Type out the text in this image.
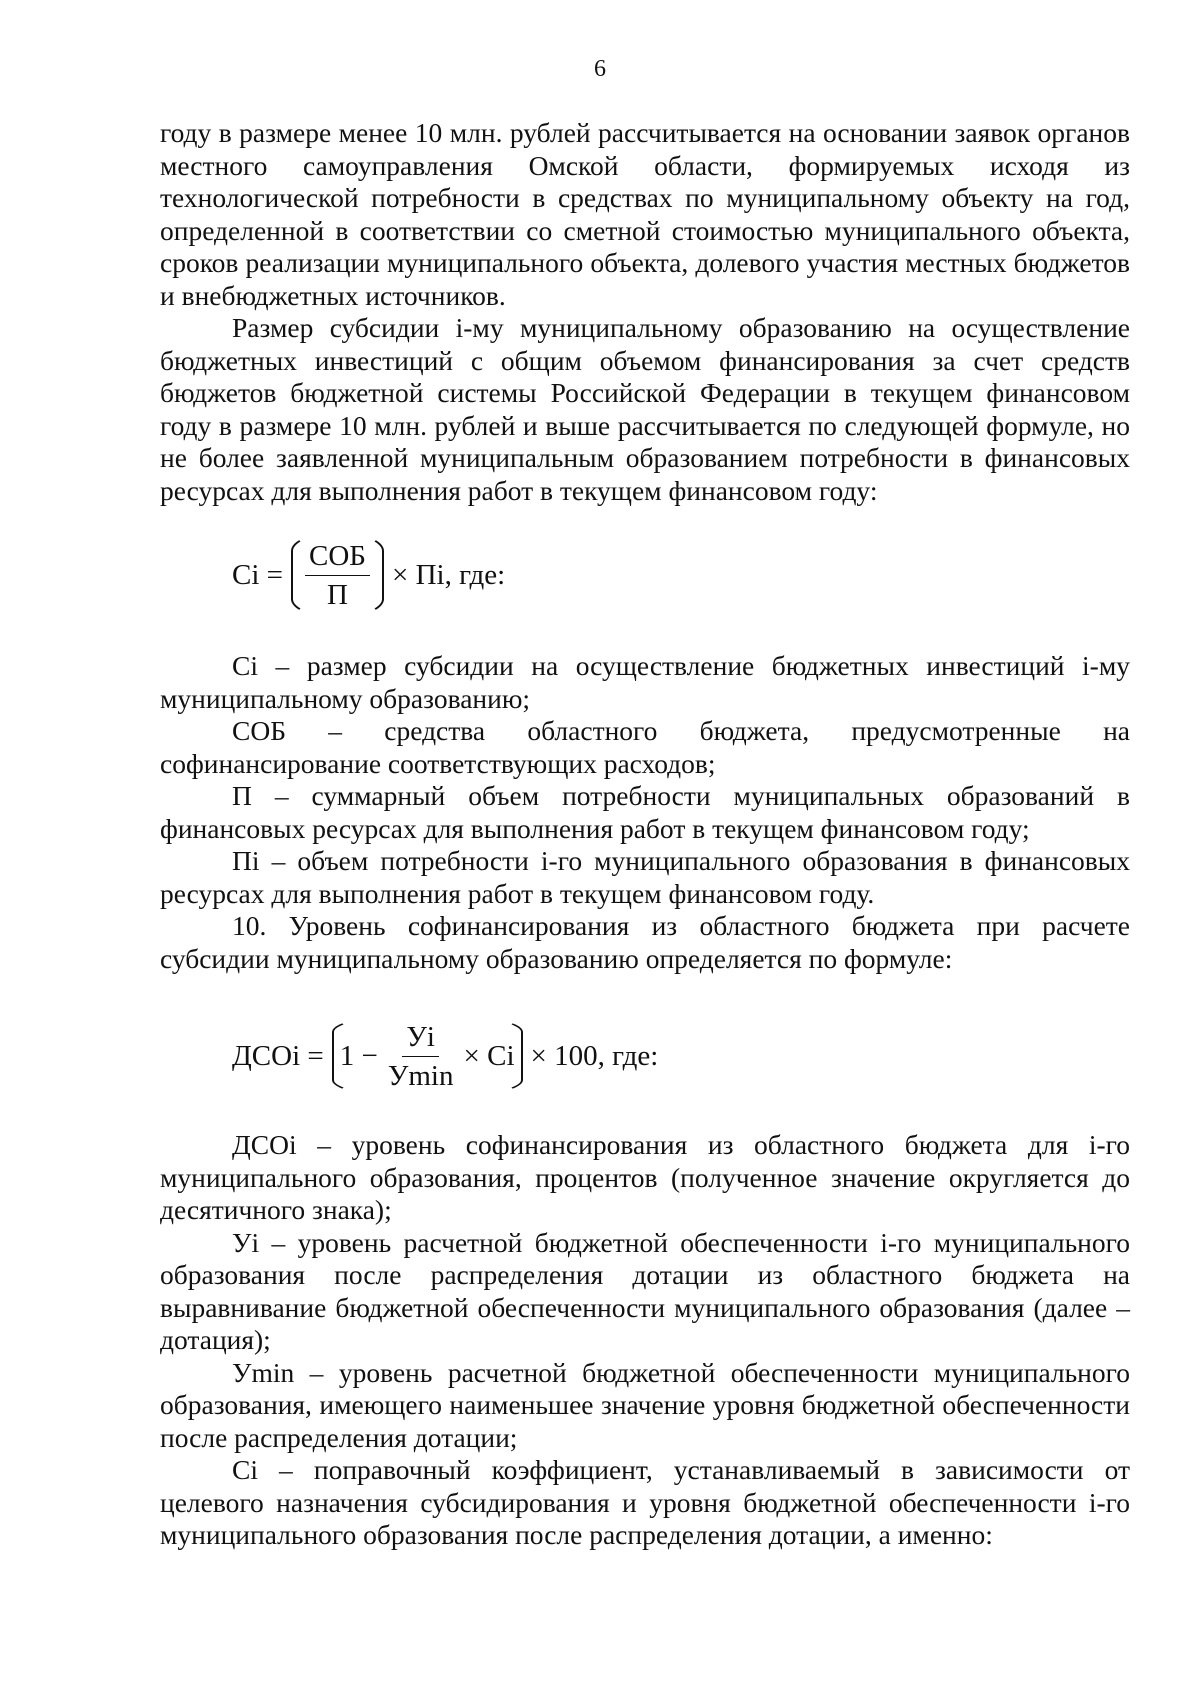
6

году в размере менее 10 млн. рублей рассчитывается на основании заявок органов местного самоуправления Омской области, формируемых исходя из технологической потребности в средствах по муниципальному объекту на год, определенной в соответствии со сметной стоимостью муниципального объекта, сроков реализации муниципального объекта, долевого участия местных бюджетов и внебюджетных источников.

Размер субсидии i-му муниципальному образованию на осуществление бюджетных инвестиций с общим объемом финансирования за счет средств бюджетов бюджетной системы Российской Федерации в текущем финансовом году в размере 10 млн. рублей и выше рассчитывается по следующей формуле, но не более заявленной муниципальным образованием потребности в финансовых ресурсах для выполнения работ в текущем финансовом году:

$Ci = \frac{\text{СОБ}}{П}$ × Пi, где:

Ci – размер субсидии на осуществление бюджетных инвестиций i-му муниципальному образованию;

СОБ – средства областного бюджета, предусмотренные на софинансирование соответствующих расходов;

П – суммарный объем потребности муниципальных образований в финансовых ресурсах для выполнения работ в текущем финансовом году;

Пi – объем потребности i-го муниципального образования в финансовых ресурсах для выполнения работ в текущем финансовом году.

10. Уровень софинансирования из областного бюджета при расчете субсидии муниципальному образованию определяется по формуле:

ДСОi = $1 - \frac{Уi}{У\min} \times Ci \times 100$, где:

ДСОi – уровень софинансирования из областного бюджета для i-го муниципального образования, процентов (полученное значение округляется до десятичного знака);

Уi – уровень расчетной бюджетной обеспеченности i-го муниципального образования после распределения дотации из областного бюджета на выравнивание бюджетной обеспеченности муниципального образования (далее – дотация);

Уmin – уровень расчетной бюджетной обеспеченности муниципального образования, имеющего наименьшее значение уровня бюджетной обеспеченности после распределения дотации;

Ci – поправочный коэффициент, устанавливаемый в зависимости от целевого назначения субсидирования и уровня бюджетной обеспеченности i-го муниципального образования после распределения дотации, а именно:
